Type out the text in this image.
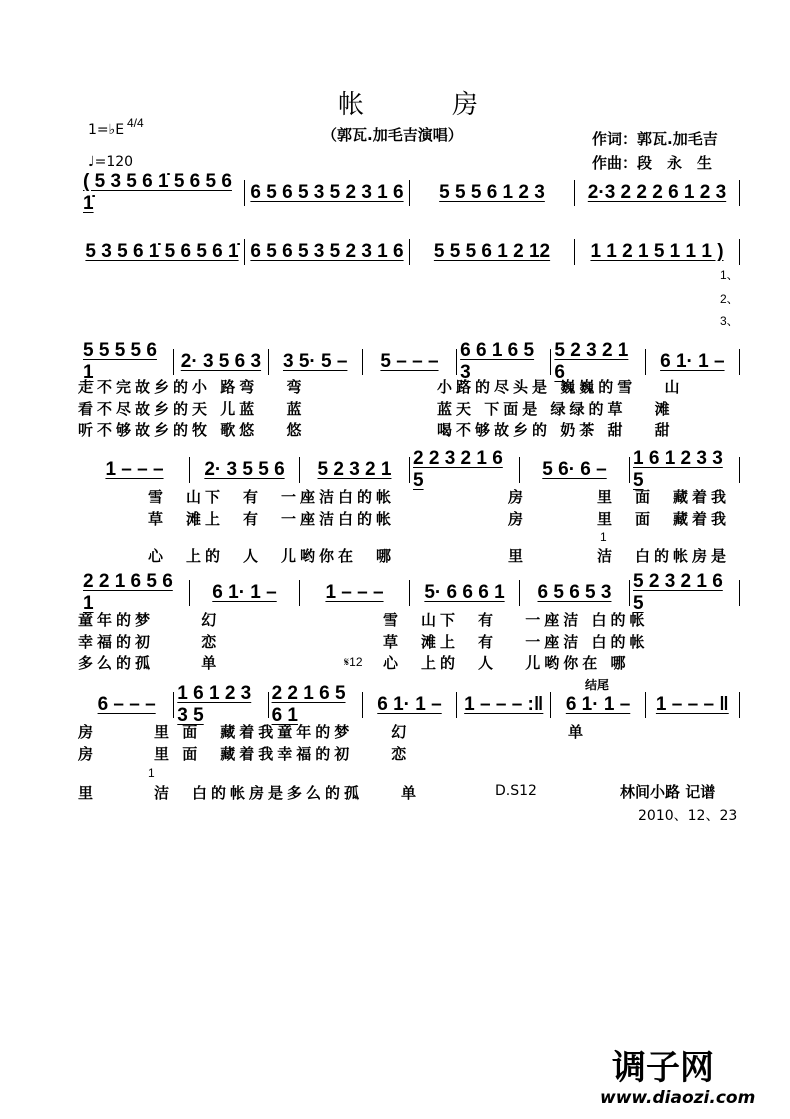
帐	房
1=♭E 4/4
♩=120
（郭瓦.加毛吉演唱）	作词：郭瓦.加毛吉
作曲：段　永　生
( 5 3 5 6 1̇ 5 6 5 6 1̇
6 5 6 5 3 5 2 3 1 6	5 5 5 6 1 2 3	2·3 2 2 2 6 1 2 3
5 3 5 6 1̇ 5 6 5 6 1̇ 6 5 6 5 3 5 2 3 1 6	5 5 5 6 1 2 12	1 1 2 1 5 1 1 1 )
1、
2、
3、
5 5 5 5 6 1
2· 3 5 6 3	3 5· 5 –	5 – – –
6 6 1 6 5 3
5 2 3 2 1 6
6 1· 1 –
走不完故乡的小 路弯　 弯	小路的尽头是 巍巍的雪　 山
看不尽故乡的天 儿蓝　 蓝	蓝天 下面是 绿绿的草　 滩
听不够故乡的牧 歌悠　 悠	喝不够故乡的 奶茶 甜　 甜
1 – – –	2· 3 5 5 6	5 2 3 2 1
2 2 3 2 1 6 5
5 6· 6 –
1 6 1 2 3 3 5
雪　山下　有　一座洁白的帐	房	里　面　藏着我
草　滩上　有　一座洁白的帐	房	里　面　藏着我
1
心　上的　人　儿哟你在　哪	里	洁　白的帐房是
2 2 1 6 5 6 1
6 1· 1 –	1 – – –	5· 6 6 6 1	6 5 6 5 3
5 2 3 2 1 6 5
童年的梦　　 幻	雪　山下　有　 一座洁 白的帐
幸福的初　　 恋	草　滩上　有　 一座洁 白的帐
多么的孤　　 单	𝄋12 心　上的　人　 儿哟你在 哪
结尾
6 – – –
1 6 1 2 3 3 5
2 2 1 6 5 6 1
6 1· 1 –	1 – – – :‖	6 1· 1 –	1 – – – ‖
房　　　里 面　藏着我童年的梦　　幻	单
房　　　里 面　藏着我幸福的初　　恋
1
里　　　洁　白的帐房是多么的孤　　单	D.S12	林间小路 记谱
2010、12、23
调子网
www.diaozi.com
